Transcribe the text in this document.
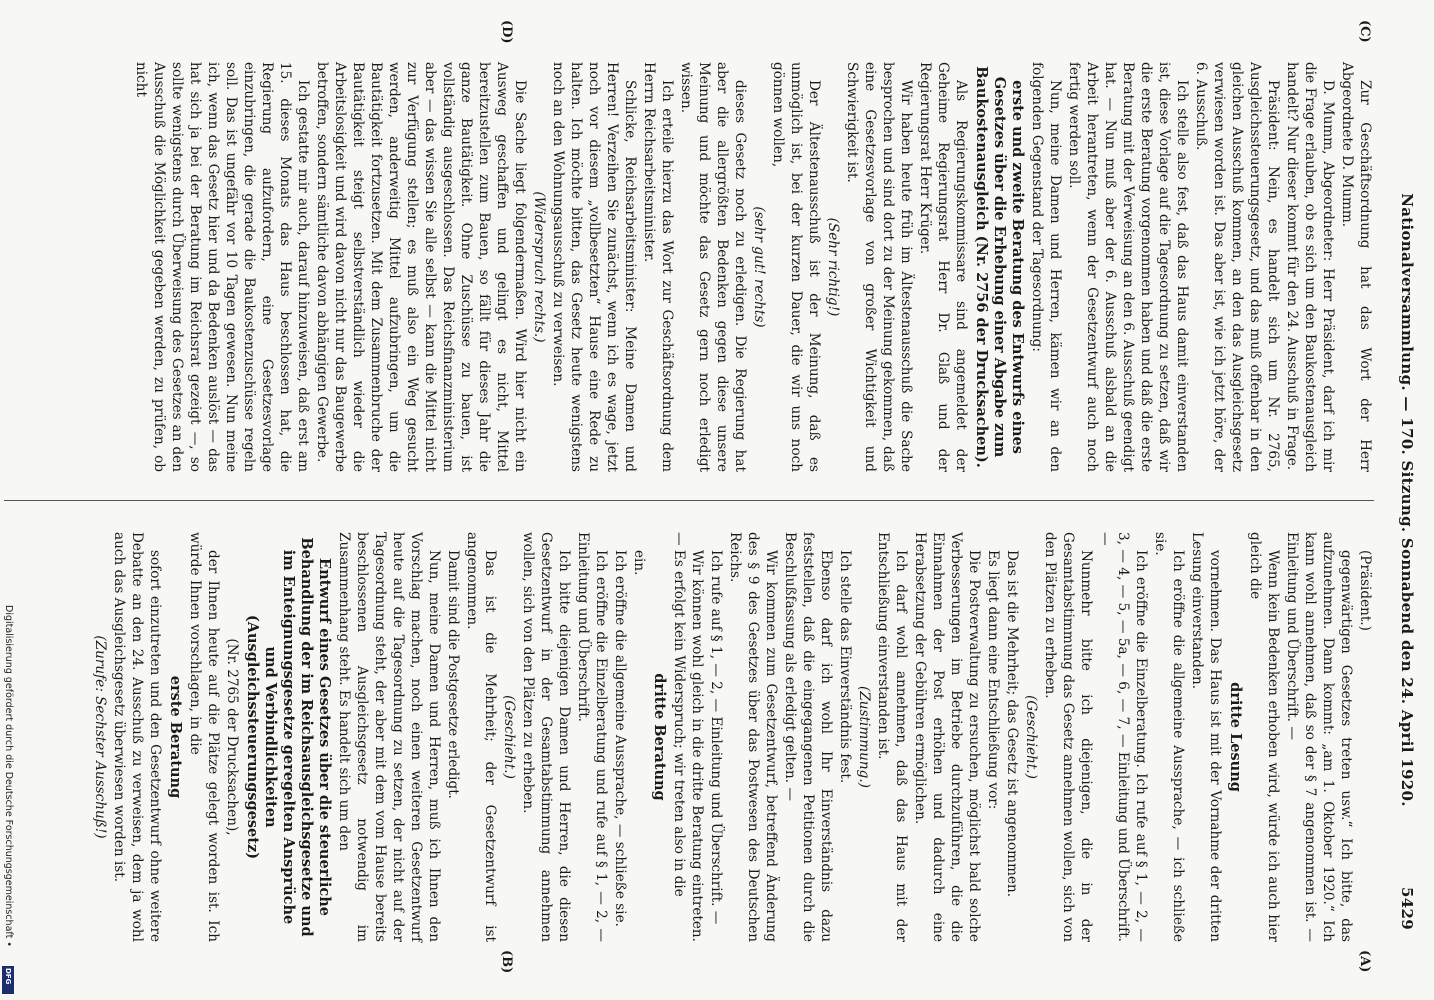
Nationalversammlung. — 170. Sitzung. Sonnabend den 24. April 1920.
5429
(C)
(D)
(A)
(B)

Zur Geschäftsordnung hat das Wort der Herr Abgeordnete D. Mumm.

D. Mumm, Abgeordneter: Herr Präsident, darf ich mir die Frage erlauben, ob es sich um den Baukostenausgleich handelt? Nur dieser kommt für den 24. Ausschuß in Frage.

Präsident: Nein, es handelt sich um Nr. 2765, Ausgleichssteuerungsgesetz, und das muß offenbar in den gleichen Ausschuß kommen, an den das Ausgleichsgesetz verwiesen worden ist. Das aber ist, wie ich jetzt höre, der 6. Ausschuß.

Ich stelle also fest, daß das Haus damit einverstanden ist, diese Vorlage auf die Tagesordnung zu setzen, daß wir die erste Beratung vorgenommen haben und daß die erste Beratung mit der Verweisung an den 6. Ausschuß geendigt hat. — Nun muß aber der 6. Ausschuß alsbald an die Arbeit herantreten, wenn der Gesetzentwurf auch noch fertig werden soll.

Nun, meine Damen und Herren, kämen wir an den folgenden Gegenstand der Tagesordnung:

erste und zweite Beratung des Entwurfs eines Gesetzes über die Erhebung einer Abgabe zum Baukostenausgleich (Nr. 2756 der Drucksachen).

Als Regierungskommissare sind angemeldet der Geheime Regierungsrat Herr Dr. Glaß und der Regierungsrat Herr Krüger.

Wir haben heute früh im Ältestenausschuß die Sache besprochen und sind dort zu der Meinung gekommen, daß eine Gesetzesvorlage von großer Wichtigkeit und Schwierigkeit ist.

(Sehr richtig!)

Der Ältestenausschuß ist der Meinung, daß es unmöglich ist, bei der kurzen Dauer, die wir uns noch gönnen wollen,

(sehr gut! rechts)

dieses Gesetz noch zu erledigen. Die Regierung hat aber die allergrößten Bedenken gegen diese unsere Meinung und möchte das Gesetz gern noch erledigt wissen.

Ich erteile hierzu das Wort zur Geschäftsordnung dem Herrn Reichsarbeitsminister.

Schlicke, Reichsarbeitsminister: Meine Damen und Herren! Verzeihen Sie zunächst, wenn ich es wage, jetzt noch vor diesem „vollbesetzten“ Hause eine Rede zu halten. Ich möchte bitten, das Gesetz heute wenigstens noch an den Wohnungsausschuß zu verweisen.

(Widerspruch rechts.)

Die Sache liegt folgendermaßen. Wird hier nicht ein Ausweg geschaffen und gelingt es nicht, Mittel bereitzustellen zum Bauen, so fällt für dieses Jahr die ganze Bautätigkeit. Ohne Zuschüsse zu bauen, ist vollständig ausgeschlossen. Das Reichsfinanzministerium aber — das wissen Sie alle selbst — kann die Mittel nicht zur Verfügung stellen; es muß also ein Weg gesucht werden, anderweitig Mittel aufzubringen, um die Bautätigkeit fortzusetzen. Mit dem Zusammenbruche der Bautätigkeit steigt selbstverständlich wieder die Arbeitslosigkeit und wird davon nicht nur das Baugewerbe betroffen, sondern sämtliche davon abhängigen Gewerbe.

Ich gestatte mir auch, darauf hinzuweisen, daß erst am 15. dieses Monats das Haus beschlossen hat, die Regierung aufzufordern, eine Gesetzesvorlage einzubringen, die gerade die Baukostenzuschüsse regeln soll. Das ist ungefähr vor 10 Tagen gewesen. Nun meine ich, wenn das Gesetz hier und da Bedenken auslöst — das hat sich ja bei der Beratung im Reichsrat gezeigt —, so sollte wenigstens durch Überweisung des Gesetzes an den Ausschuß die Möglichkeit gegeben werden, zu prüfen, ob nicht

(Präsident.)

gegenwärtigen Gesetzes treten usw.“ Ich bitte, das aufzunehmen. Dann kommt: „am 1. Oktober 1920.“ Ich kann wohl annehmen, daß so der § 7 angenommen ist. — Einleitung und Überschrift. —

Wenn kein Bedenken erhoben wird, würde ich auch hier gleich die

dritte Lesung

vornehmen. Das Haus ist mit der Vornahme der dritten Lesung einverstanden.

Ich eröffne die allgemeine Aussprache, — ich schließe sie.

Ich eröffne die Einzelberatung. Ich rufe auf § 1, — 2, — 3, — 4, — 5, — 5a, — 6, — 7, — Einleitung und Überschrift. —

Nunmehr bitte ich diejenigen, die in der Gesamtabstimmung das Gesetz annehmen wollen, sich von den Plätzen zu erheben.

(Geschieht.)

Das ist die Mehrheit; das Gesetz ist angenommen.

Es liegt dann eine Entschließung vor:

Die Postverwaltung zu ersuchen, möglichst bald solche Verbesserungen im Betriebe durchzuführen, die die Einnahmen der Post erhöhen und dadurch eine Herabsetzung der Gebühren ermöglichen.

Ich darf wohl annehmen, daß das Haus mit der Entschließung einverstanden ist.

(Zustimmung.)

Ich stelle das Einverständnis fest.

Ebenso darf ich wohl Ihr Einverständnis dazu feststellen, daß die eingegangenen Petitionen durch die Beschlußfassung als erledigt gelten. —

Wir kommen zum Gesetzentwurf, betreffend Änderung des § 9 des Gesetzes über das Postwesen des Deutschen Reichs.

Ich rufe auf § 1, — 2, — Einleitung und Überschrift. —

Wir können wohl gleich in die dritte Beratung eintreten. — Es erfolgt kein Widerspruch; wir treten also in die

dritte Beratung

ein.

Ich eröffne die allgemeine Aussprache, — schließe sie.

Ich eröffne die Einzelberatung und rufe auf § 1, — 2, — Einleitung und Überschrift.

Ich bitte diejenigen Damen und Herren, die diesen Gesetzentwurf in der Gesamtabstimmung annehmen wollen, sich von den Plätzen zu erheben.

(Geschieht.)

Das ist die Mehrheit; der Gesetzentwurf ist angenommen.

Damit sind die Postgesetze erledigt.

Nun, meine Damen und Herren, muß ich Ihnen den Vorschlag machen, noch einen weiteren Gesetzentwurf heute auf die Tagesordnung zu setzen, der nicht auf der Tagesordnung steht, der aber mit dem vom Hause bereits beschlossenen Ausgleichsgesetz notwendig im Zusammenhang steht. Es handelt sich um den

Entwurf eines Gesetzes über die steuerliche Behandlung der im Reichsausgleichsgesetze und im Enteignungsgesetze geregelten Ansprüche und Verbindlichkeiten (Ausgleichssteuerungsgesetz)

(Nr. 2765 der Drucksachen),

der Ihnen heute auf die Plätze gelegt worden ist. Ich würde Ihnen vorschlagen, in die

erste Beratung

sofort einzutreten und den Gesetzentwurf ohne weitere Debatte an den 24. Ausschuß zu verweisen, dem ja wohl auch das Ausgleichsgesetz überwiesen worden ist.

(Zurufe: Sechster Ausschuß!)

Digitalisierung gefördert durch die Deutsche Forschungsgemeinschaft •
DFG
